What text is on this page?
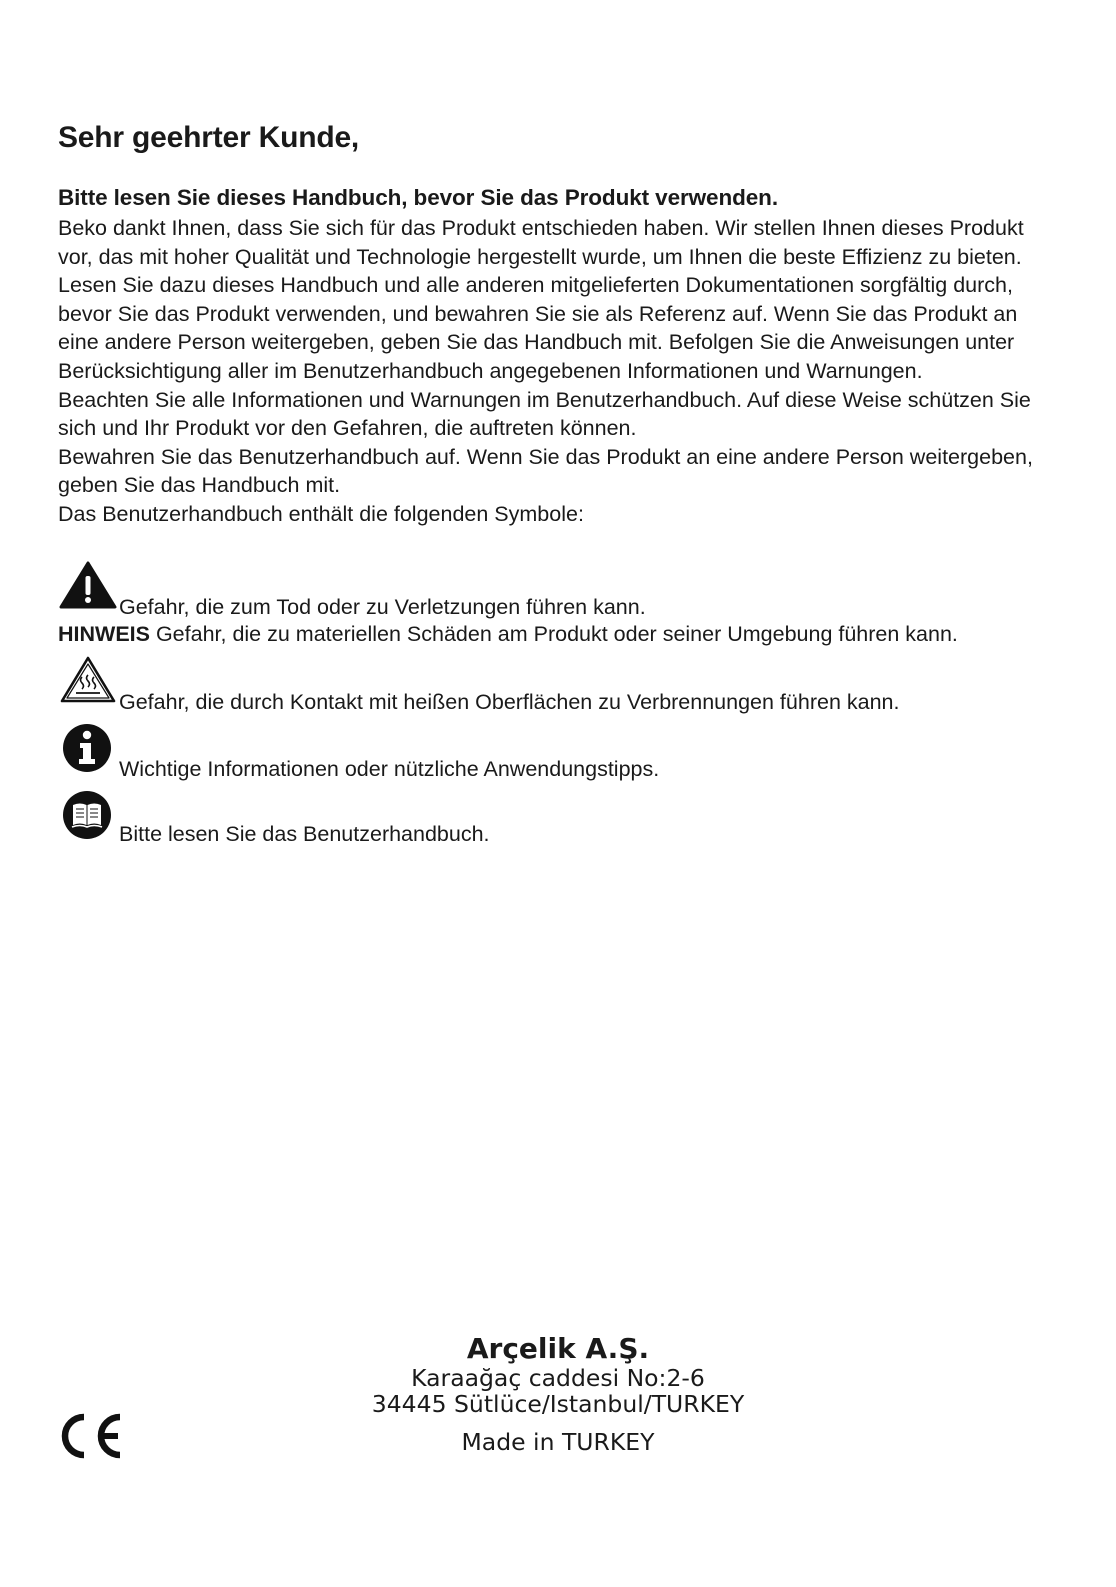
Sehr geehrter Kunde,
Bitte lesen Sie dieses Handbuch, bevor Sie das Produkt verwenden.

Beko dankt Ihnen, dass Sie sich für das Produkt entschieden haben. Wir stellen Ihnen dieses Produkt vor, das mit hoher Qualität und Technologie hergestellt wurde, um Ihnen die beste Effizienz zu bieten. Lesen Sie dazu dieses Handbuch und alle anderen mitgelieferten Dokumentationen sorgfältig durch, bevor Sie das Produkt verwenden, und bewahren Sie sie als Referenz auf. Wenn Sie das Produkt an eine andere Person weitergeben, geben Sie das Handbuch mit. Befolgen Sie die Anweisungen unter Berücksichtigung aller im Benutzerhandbuch angegebenen Informationen und Warnungen.

Beachten Sie alle Informationen und Warnungen im Benutzerhandbuch. Auf diese Weise schützen Sie sich und Ihr Produkt vor den Gefahren, die auftreten können.

Bewahren Sie das Benutzerhandbuch auf. Wenn Sie das Produkt an eine andere Person weitergeben, geben Sie das Handbuch mit.

Das Benutzerhandbuch enthält die folgenden Symbole:

Gefahr, die zum Tod oder zu Verletzungen führen kann.

HINWEIS Gefahr, die zu materiellen Schäden am Produkt oder seiner Umgebung führen kann.

Gefahr, die durch Kontakt mit heißen Oberflächen zu Verbrennungen führen kann.

Wichtige Informationen oder nützliche Anwendungstipps.

Bitte lesen Sie das Benutzerhandbuch.

Arçelik A.Ş.
Karaağaç caddesi No:2-6
34445 Sütlüce/Istanbul/TURKEY
Made in TURKEY
